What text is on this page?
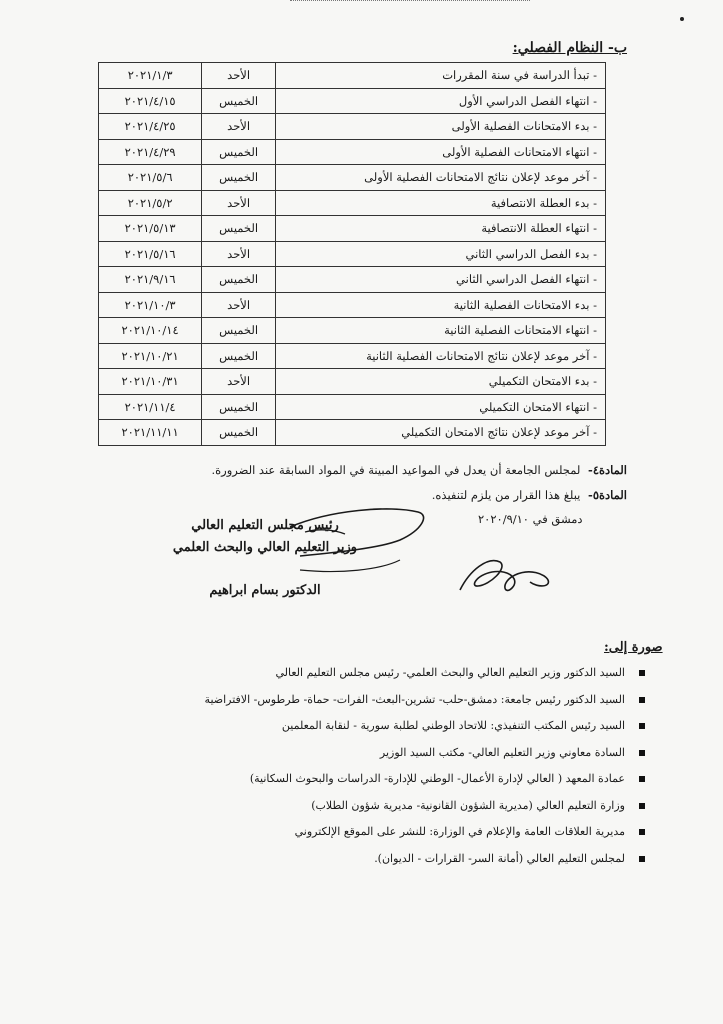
ب- النظام الفصلي:
- تبدأ الدراسة في سنة المقررات	الأحد	٢٠٢١/١/٣
- انتهاء الفصل الدراسي الأول	الخميس	٢٠٢١/٤/١٥
- بدء الامتحانات الفصلية الأولى	الأحد	٢٠٢١/٤/٢٥
- انتهاء الامتحانات الفصلية الأولى	الخميس	٢٠٢١/٤/٢٩
- آخر موعد لإعلان نتائج الامتحانات الفصلية الأولى	الخميس	٢٠٢١/٥/٦
- بدء العطلة الانتصافية	الأحد	٢٠٢١/٥/٢
- انتهاء العطلة الانتصافية	الخميس	٢٠٢١/٥/١٣
- بدء الفصل الدراسي الثاني	الأحد	٢٠٢١/٥/١٦
- انتهاء الفصل الدراسي الثاني	الخميس	٢٠٢١/٩/١٦
- بدء الامتحانات الفصلية الثانية	الأحد	٢٠٢١/١٠/٣
- انتهاء الامتحانات الفصلية الثانية	الخميس	٢٠٢١/١٠/١٤
- آخر موعد لإعلان نتائج الامتحانات الفصلية الثانية	الخميس	٢٠٢١/١٠/٢١
- بدء الامتحان التكميلي	الأحد	٢٠٢١/١٠/٣١
- انتهاء الامتحان التكميلي	الخميس	٢٠٢١/١١/٤
- آخر موعد لإعلان نتائج الامتحان التكميلي	الخميس	٢٠٢١/١١/١١
المادة٤- لمجلس الجامعة أن يعدل في المواعيد المبينة في المواد السابقة عند الضرورة.
المادة٥- يبلغ هذا القرار من يلزم لتنفيذه.
دمشق في ٢٠٢٠/٩/١٠
رئيس مجلس التعليم العالي
وزير التعليم العالي والبحث العلمي
الدكتور بسام ابراهيم
صورة إلى:
السيد الدكتور وزير التعليم العالي والبحث العلمي- رئيس مجلس التعليم العالي
السيد الدكتور رئيس جامعة: دمشق-حلب- تشرين-البعث- الفرات- حماة- طرطوس- الافتراضية
السيد رئيس المكتب التنفيذي: للاتحاد الوطني لطلبة سورية - لنقابة المعلمين
السادة معاوني وزير التعليم العالي- مكتب السيد الوزير
عمادة المعهد ( العالي لإدارة الأعمال- الوطني للإدارة- الدراسات والبحوث السكانية)
وزارة التعليم العالي (مديرية الشؤون القانونية- مديرية شؤون الطلاب)
مديرية العلاقات العامة والإعلام في الوزارة: للنشر على الموقع الإلكتروني
لمجلس التعليم العالي (أمانة السر- القرارات - الديوان).
